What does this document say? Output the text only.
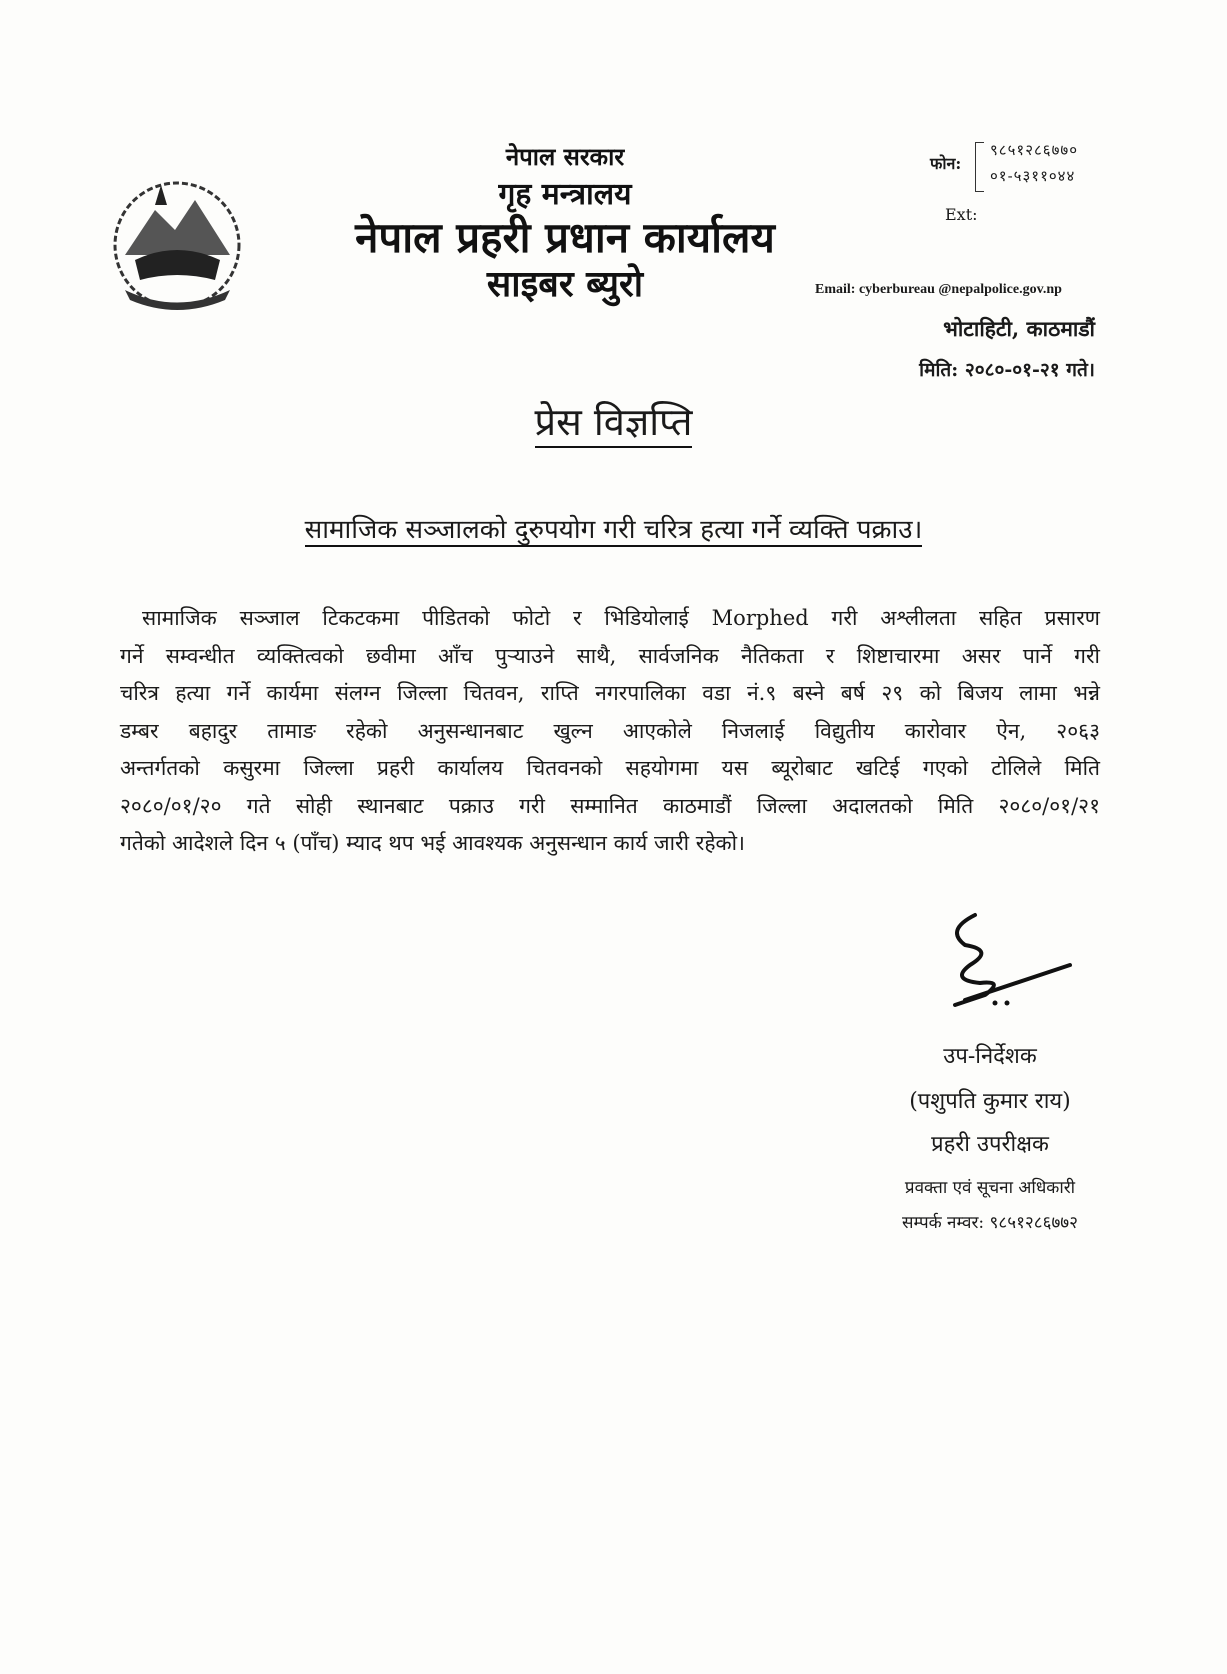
नेपाल सरकार
गृह मन्त्रालय
नेपाल प्रहरी प्रधान कार्यालय
साइबर ब्युरो
फोन:
९८५१२८६७७०
०१-५३११०४४
Ext:
Email: cyberbureau @nepalpolice.gov.np
भोटाहिटी, काठमाडौं
मिति: २०८०-०१-२१ गते।
प्रेस विज्ञप्ति
सामाजिक सञ्जालको दुरुपयोग गरी चरित्र हत्या गर्ने व्यक्ति पक्राउ।
सामाजिक सञ्जाल टिकटकमा पीडितको फोटो र भिडियोलाई Morphed गरी अश्लीलता सहित प्रसारण
गर्ने सम्वन्धीत व्यक्तित्वको छवीमा आँच पुऱ्याउने साथै, सार्वजनिक नैतिकता र शिष्टाचारमा असर पार्ने गरी
चरित्र हत्या गर्ने कार्यमा संलग्न जिल्ला चितवन, राप्ति नगरपालिका वडा नं.९ बस्ने बर्ष २९ को बिजय लामा भन्ने
डम्बर बहादुर तामाङ रहेको अनुसन्धानबाट खुल्न आएकोले निजलाई विद्युतीय कारोवार ऐन, २०६३
अन्तर्गतको कसुरमा जिल्ला प्रहरी कार्यालय चितवनको सहयोगमा यस ब्यूरोबाट खटिई गएको टोलिले मिति
२०८०/०१/२० गते सोही स्थानबाट पक्राउ गरी सम्मानित काठमाडौं जिल्ला अदालतको मिति २०८०/०१/२१
गतेको आदेशले दिन ५ (पाँच) म्याद थप भई आवश्यक अनुसन्धान कार्य जारी रहेको।
उप-निर्देशक
(पशुपति कुमार राय)
प्रहरी उपरीक्षक
प्रवक्ता एवं सूचना अधिकारी
सम्पर्क नम्वर: ९८५१२८६७७२
